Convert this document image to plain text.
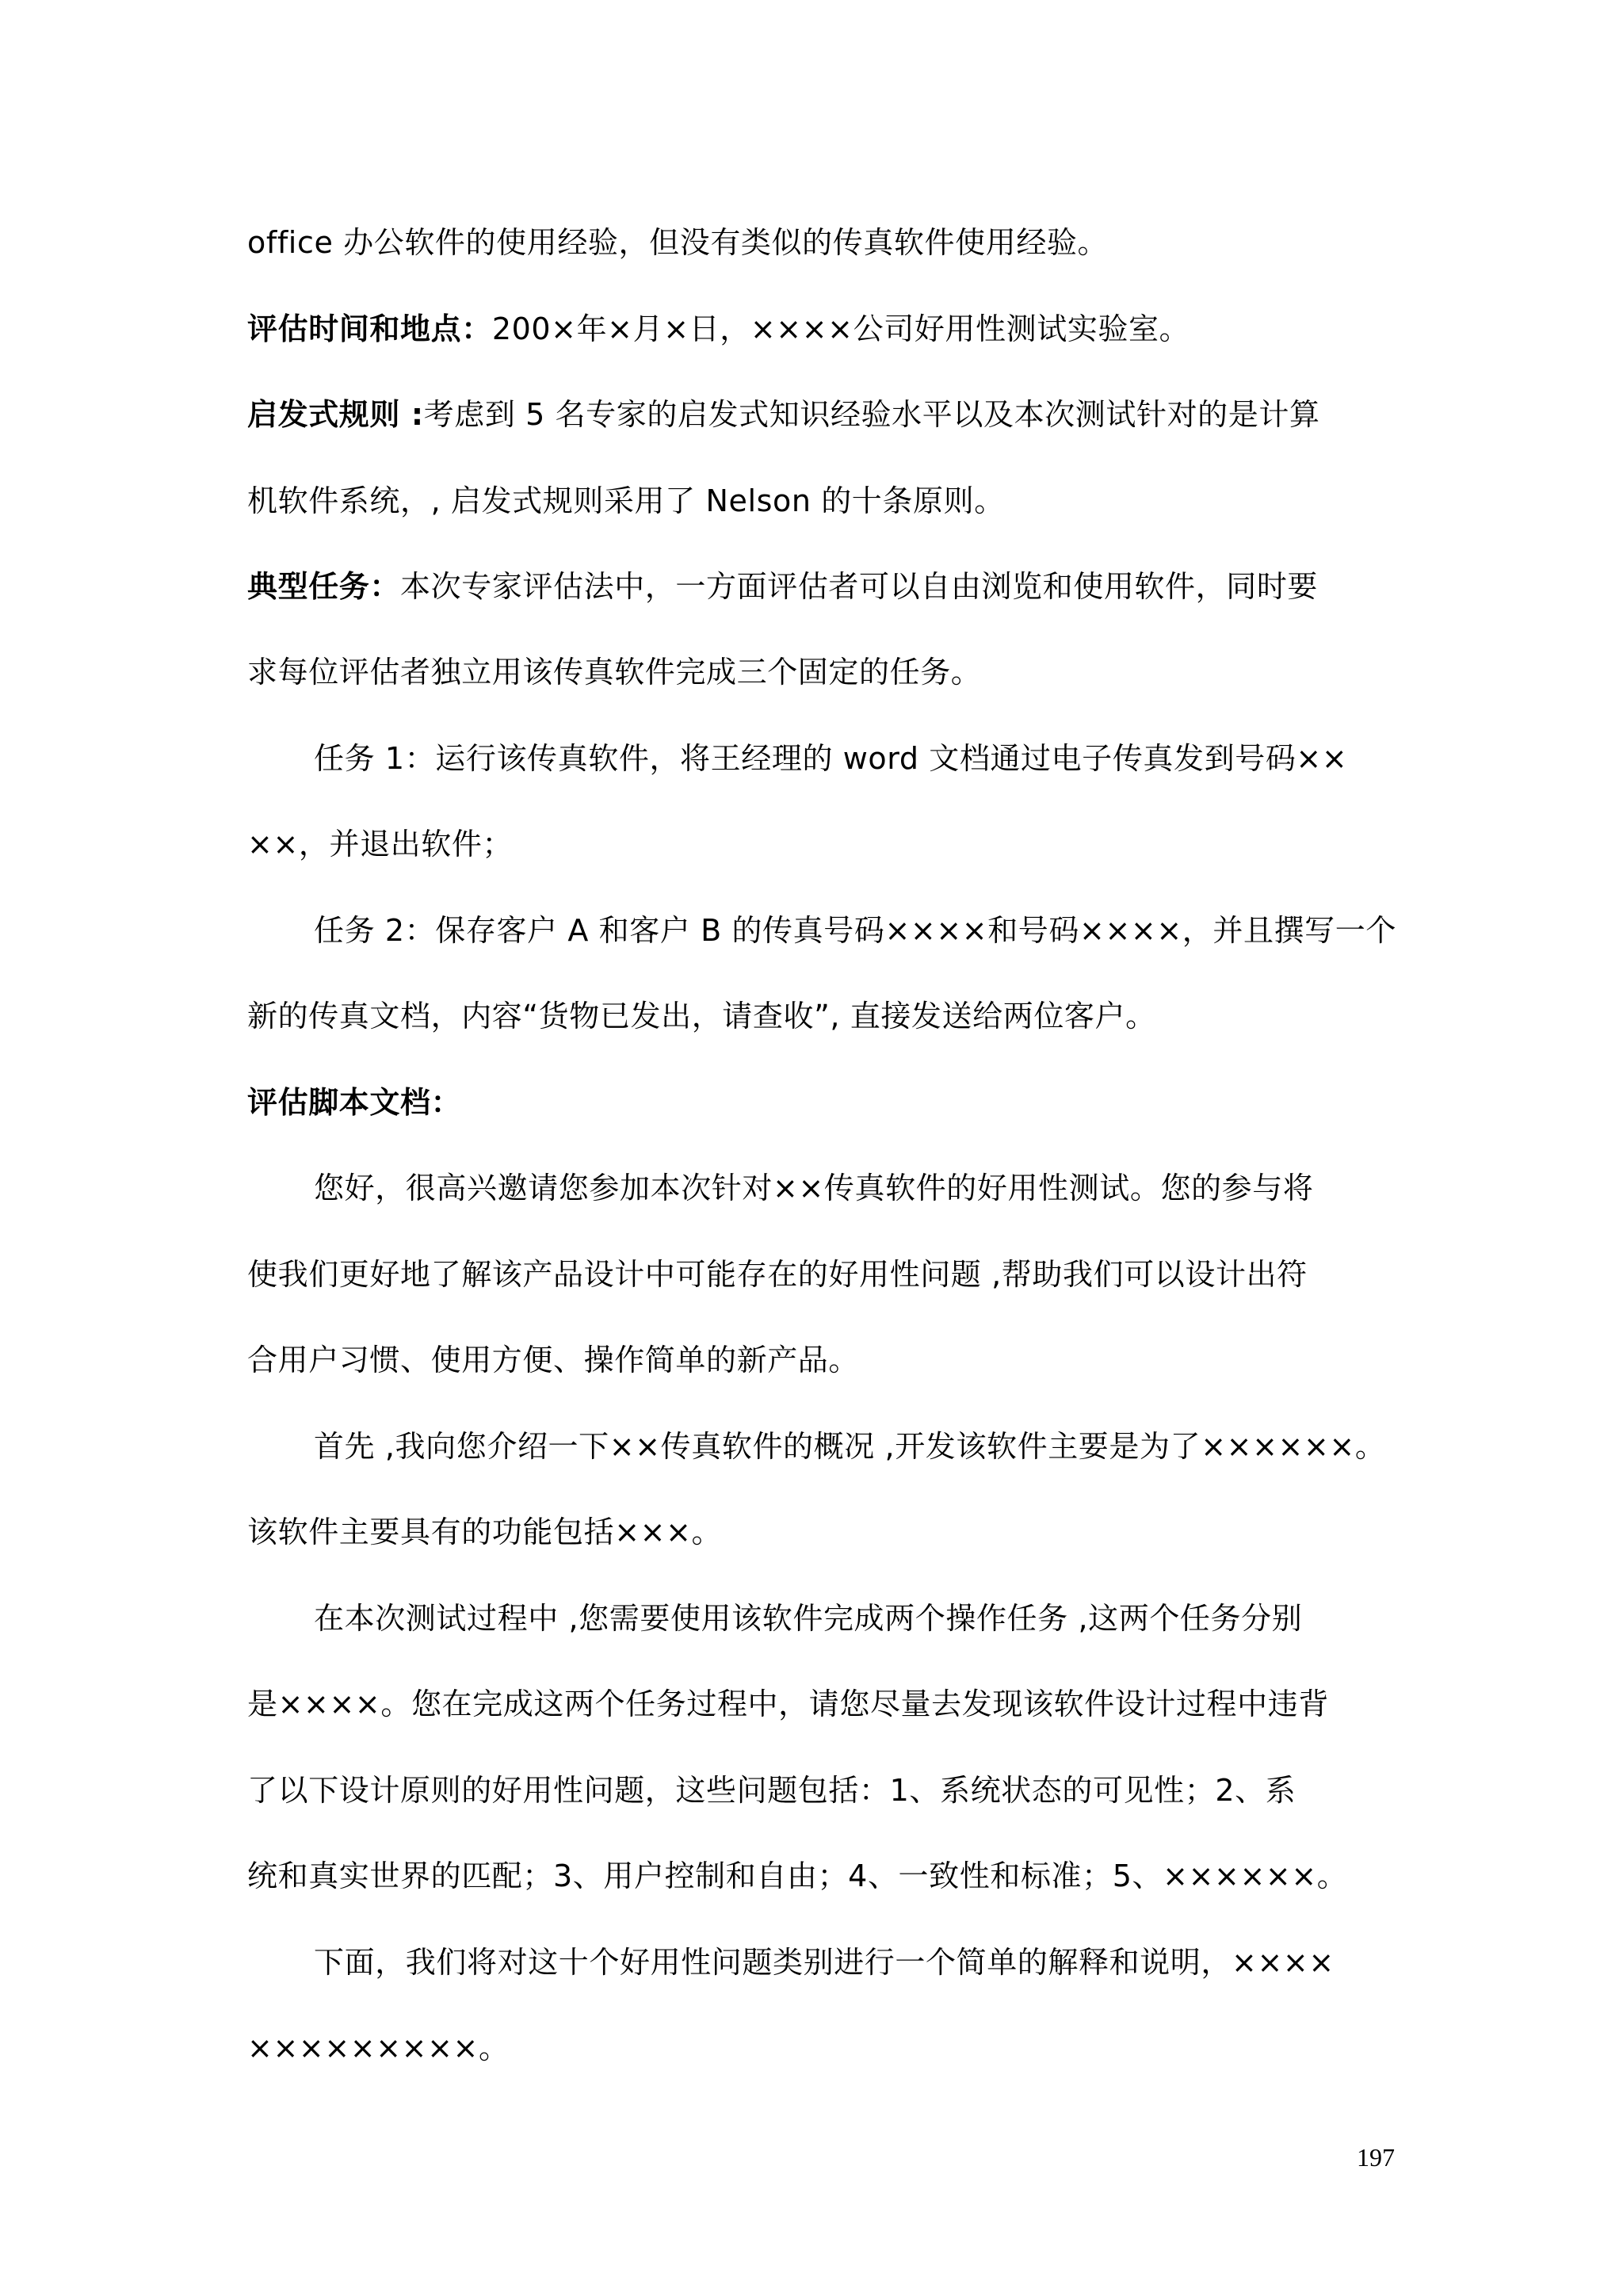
office 办公软件的使用经验，但没有类似的传真软件使用经验。
评估时间和地点：200×年×月×日，××××公司好用性测试实验室。
启发式规则 :考虑到 5 名专家的启发式知识经验水平以及本次测试针对的是计算
机软件系统，, 启发式规则采用了 Nelson 的十条原则。
典型任务：本次专家评估法中，一方面评估者可以自由浏览和使用软件，同时要
求每位评估者独立用该传真软件完成三个固定的任务。
任务 1：运行该传真软件，将王经理的 word 文档通过电子传真发到号码××
××，并退出软件；
任务 2：保存客户 A 和客户 B 的传真号码××××和号码××××，并且撰写一个
新的传真文档，内容“货物已发出，请查收”, 直接发送给两位客户。
评估脚本文档：
您好，很高兴邀请您参加本次针对××传真软件的好用性测试。您的参与将
使我们更好地了解该产品设计中可能存在的好用性问题 ,帮助我们可以设计出符
合用户习惯、使用方便、操作简单的新产品。
首先 ,我向您介绍一下××传真软件的概况 ,开发该软件主要是为了××××××。
该软件主要具有的功能包括×××。
在本次测试过程中 ,您需要使用该软件完成两个操作任务 ,这两个任务分别
是××××。您在完成这两个任务过程中，请您尽量去发现该软件设计过程中违背
了以下设计原则的好用性问题，这些问题包括：1、系统状态的可见性；2、系
统和真实世界的匹配；3、用户控制和自由；4、一致性和标准；5、××××××。
下面，我们将对这十个好用性问题类别进行一个简单的解释和说明，××××
×××××××××。
197
